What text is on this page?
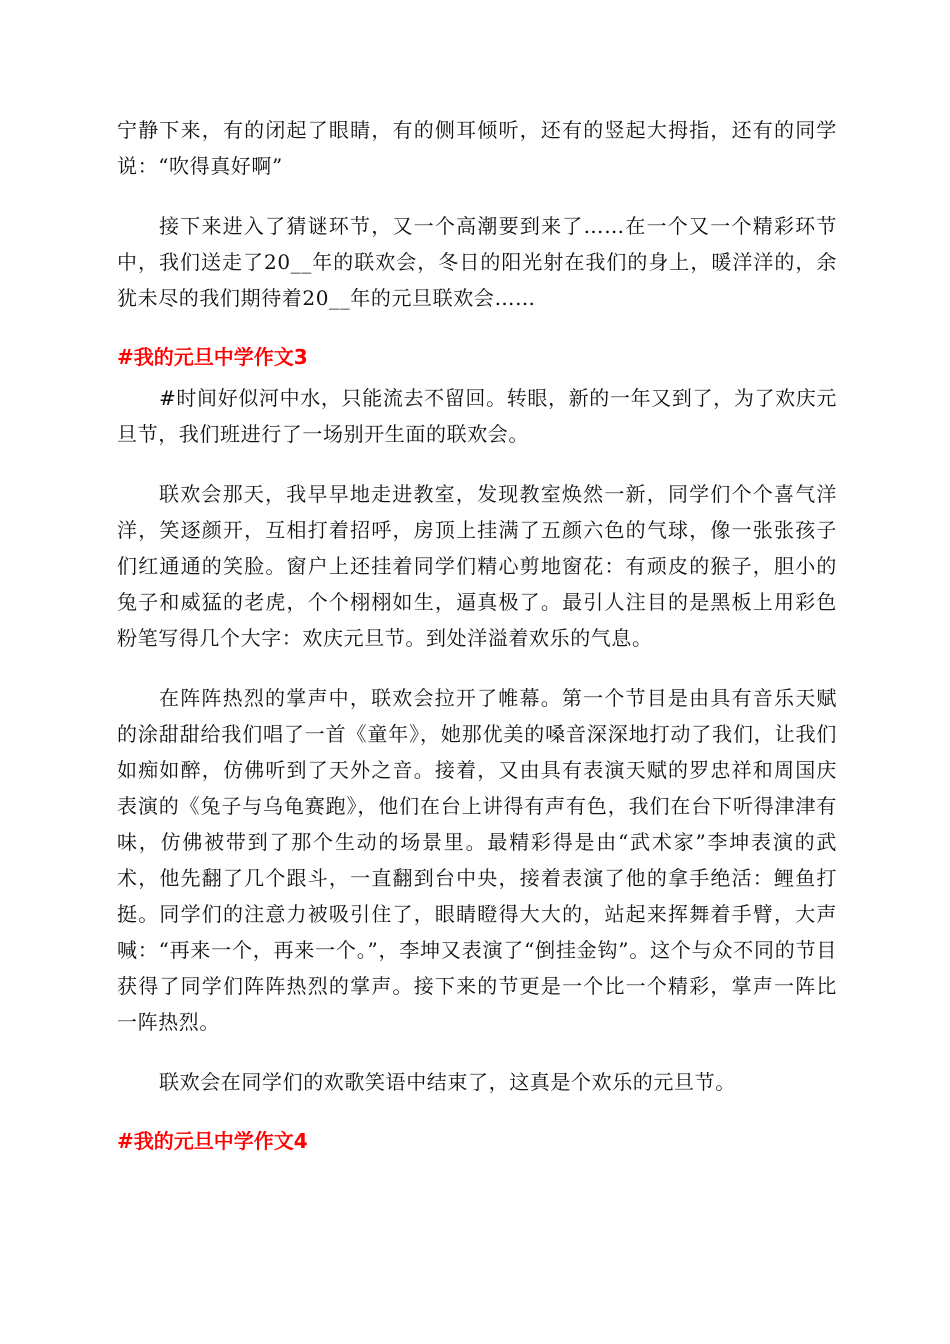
宁静下来，有的闭起了眼睛，有的侧耳倾听，还有的竖起大拇指，还有的同学说：“吹得真好啊”

接下来进入了猜谜环节，又一个高潮要到来了……在一个又一个精彩环节中，我们送走了20__年的联欢会，冬日的阳光射在我们的身上，暖洋洋的，余犹未尽的我们期待着20__年的元旦联欢会……

#我的元旦中学作文3

#时间好似河中水，只能流去不留回。转眼，新的一年又到了，为了欢庆元旦节，我们班进行了一场别开生面的联欢会。

联欢会那天，我早早地走进教室，发现教室焕然一新，同学们个个喜气洋洋，笑逐颜开，互相打着招呼，房顶上挂满了五颜六色的气球，像一张张孩子们红通通的笑脸。窗户上还挂着同学们精心剪地窗花：有顽皮的猴子，胆小的兔子和威猛的老虎，个个栩栩如生，逼真极了。最引人注目的是黑板上用彩色粉笔写得几个大字：欢庆元旦节。到处洋溢着欢乐的气息。

在阵阵热烈的掌声中，联欢会拉开了帷幕。第一个节目是由具有音乐天赋的涂甜甜给我们唱了一首《童年》，她那优美的嗓音深深地打动了我们，让我们如痴如醉，仿佛听到了天外之音。接着，又由具有表演天赋的罗忠祥和周国庆表演的《兔子与乌龟赛跑》，他们在台上讲得有声有色，我们在台下听得津津有味，仿佛被带到了那个生动的场景里。最精彩得是由“武术家”李坤表演的武术，他先翻了几个跟斗，一直翻到台中央，接着表演了他的拿手绝活：鲤鱼打挺。同学们的注意力被吸引住了，眼睛瞪得大大的，站起来挥舞着手臂，大声喊：“再来一个，再来一个。”，李坤又表演了“倒挂金钩”。这个与众不同的节目获得了同学们阵阵热烈的掌声。接下来的节更是一个比一个精彩，掌声一阵比一阵热烈。

联欢会在同学们的欢歌笑语中结束了，这真是个欢乐的元旦节。

#我的元旦中学作文4
